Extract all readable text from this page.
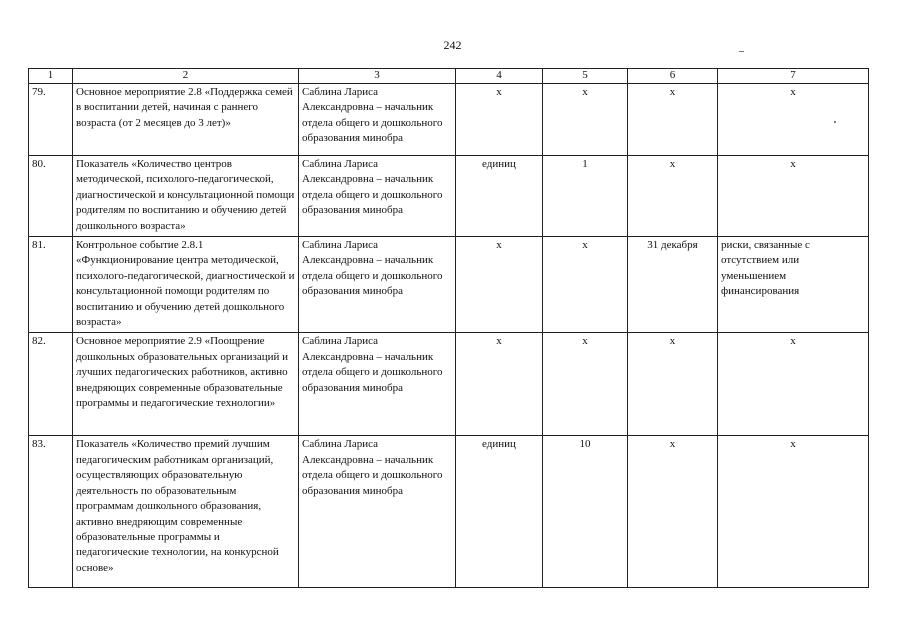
242
1	2	3	4	5	6	7
79.	Основное мероприятие 2.8 «Поддержка семей в воспитании детей, начиная с раннего возраста (от 2 месяцев до 3 лет)»	Саблина Лариса Александровна – начальник отдела общего и дошкольного образования минобра	х	х	х	х
80.	Показатель «Количество центров методической, психолого-педагогической, диагностической и консультационной помощи родителям по воспитанию и обучению детей дошкольного возраста»	Саблина Лариса Александровна – начальник отдела общего и дошкольного образования минобра	единиц	1	х	х
81.	Контрольное событие 2.8.1 «Функционирование центра методической, психолого-педагогической, диагностической и консультационной помощи родителям по воспитанию и обучению детей дошкольного возраста»	Саблина Лариса Александровна – начальник отдела общего и дошкольного образования минобра	х	х	31 декабря	риски, связанные с отсутствием или уменьшением финансирования
82.	Основное мероприятие 2.9 «Поощрение дошкольных образовательных организаций и лучших педагогических работников, активно внедряющих современные образовательные программы и педагогические технологии»	Саблина Лариса Александровна – начальник отдела общего и дошкольного образования минобра	х	х	х	х
83.	Показатель «Количество премий лучшим педагогическим работникам организаций, осуществляющих образовательную деятельность по образовательным программам дошкольного образования, активно внедряющим современные образовательные программы и педагогические технологии, на конкурсной основе»	Саблина Лариса Александровна – начальник отдела общего и дошкольного образования минобра	единиц	10	х	х
